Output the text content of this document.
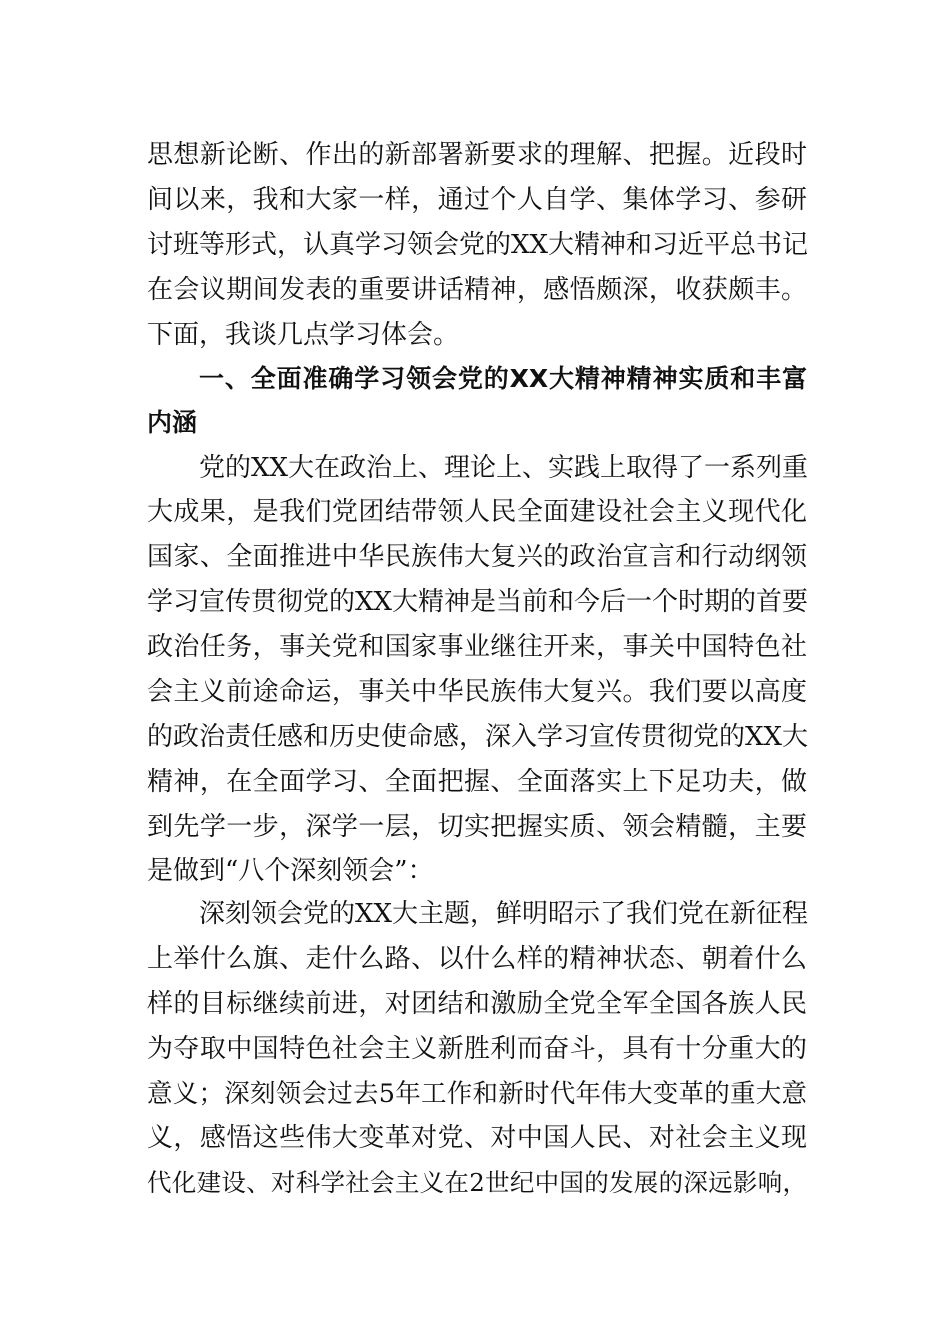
思想新论断、作出的新部署新要求的理解、把握。近段时
间以来，我和大家一样，通过个人自学、集体学习、参研
讨班等形式，认真学习领会党的XX大精神和习近平总书记
在会议期间发表的重要讲话精神，感悟颇深，收获颇丰。
下面，我谈几点学习体会。
一、全面准确学习领会党的XX大精神精神实质和丰富
内涵
党的XX大在政治上、理论上、实践上取得了一系列重
大成果，是我们党团结带领人民全面建设社会主义现代化
国家、全面推进中华民族伟大复兴的政治宣言和行动纲领
学习宣传贯彻党的XX大精神是当前和今后一个时期的首要
政治任务，事关党和国家事业继往开来，事关中国特色社
会主义前途命运，事关中华民族伟大复兴。我们要以高度
的政治责任感和历史使命感，深入学习宣传贯彻党的XX大
精神，在全面学习、全面把握、全面落实上下足功夫，做
到先学一步，深学一层，切实把握实质、领会精髓，主要
是做到“八个深刻领会”：
深刻领会党的XX大主题，鲜明昭示了我们党在新征程
上举什么旗、走什么路、以什么样的精神状态、朝着什么
样的目标继续前进，对团结和激励全党全军全国各族人民
为夺取中国特色社会主义新胜利而奋斗，具有十分重大的
意义；深刻领会过去5年工作和新时代年伟大变革的重大意
义，感悟这些伟大变革对党、对中国人民、对社会主义现
代化建设、对科学社会主义在2世纪中国的发展的深远影响，
